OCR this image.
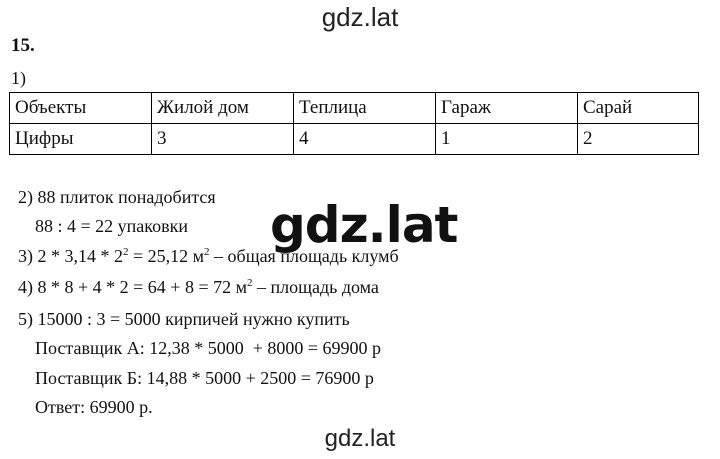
gdz.lat
15.
1)
Объекты	Жилой дом	Теплица	Гараж	Сарай
Цифры	3	4	1	2
2) 88 плиток понадобится
88 : 4 = 22 упаковки
3) $2 * 3,14 * 2^2 = 25,12$ $м^2$ – общая площадь клумб
4) 8 * 8 + 4 * 2 = 64 + 8 = 72 $м^2$ – площадь дома
5) 15000 : 3 = 5000 кирпичей нужно купить
Поставщик А: 12,38 * 5000  + 8000 = 69900 р
Поставщик Б: 14,88 * 5000 + 2500 = 76900 р
Ответ: 69900 р.
gdz.lat
gdz.lat
